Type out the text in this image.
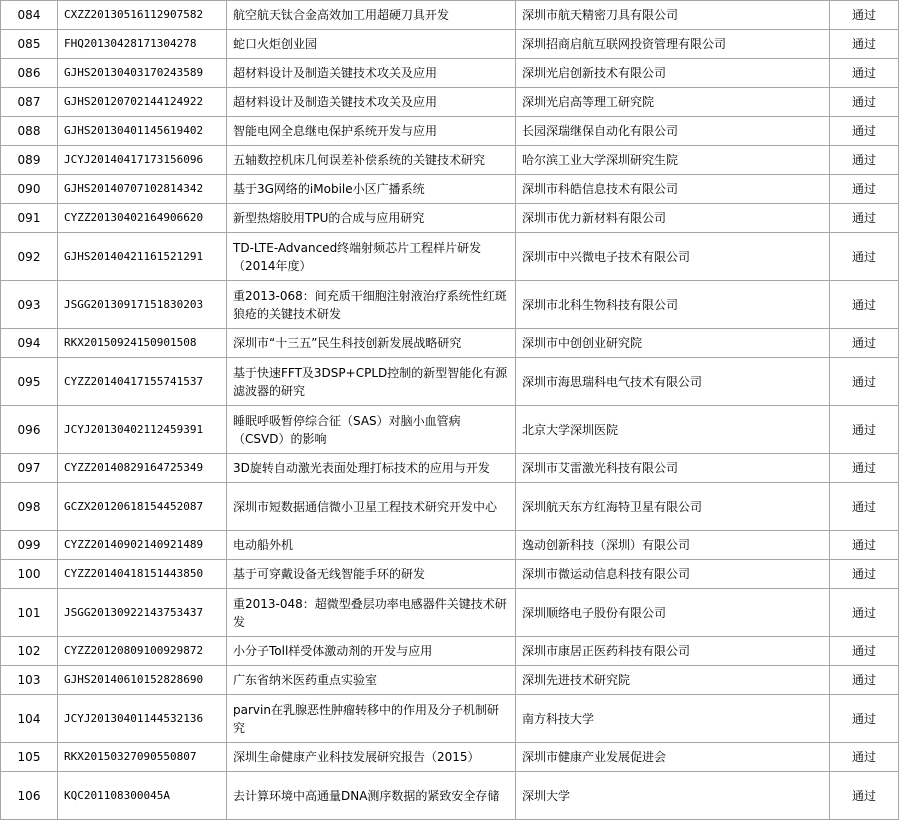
084	CXZZ20130516112907582	航空航天钛合金高效加工用超硬刀具开发	深圳市航天精密刀具有限公司	通过
085	FHQ20130428171304278	蛇口火炬创业园	深圳招商启航互联网投资管理有限公司	通过
086	GJHS20130403170243589	超材料设计及制造关键技术攻关及应用	深圳光启创新技术有限公司	通过
087	GJHS20120702144124922	超材料设计及制造关键技术攻关及应用	深圳光启高等理工研究院	通过
088	GJHS20130401145619402	智能电网全息继电保护系统开发与应用	长园深瑞继保自动化有限公司	通过
089	JCYJ20140417173156096	五轴数控机床几何误差补偿系统的关键技术研究	哈尔滨工业大学深圳研究生院	通过
090	GJHS20140707102814342	基于3G网络的iMobile小区广播系统	深圳市科皓信息技术有限公司	通过
091	CYZZ20130402164906620	新型热熔胶用TPU的合成与应用研究	深圳市优力新材料有限公司	通过
092	GJHS20140421161521291	TD-LTE-Advanced终端射频芯片工程样片研发（2014年度）	深圳市中兴微电子技术有限公司	通过
093	JSGG20130917151830203	重2013-068：间充质干细胞注射液治疗系统性红斑狼疮的关键技术研发	深圳市北科生物科技有限公司	通过
094	RKX20150924150901508	深圳市“十三五”民生科技创新发展战略研究	深圳市中创创业研究院	通过
095	CYZZ20140417155741537	基于快速FFT及3DSP+CPLD控制的新型智能化有源滤波器的研究	深圳市海思瑞科电气技术有限公司	通过
096	JCYJ20130402112459391	睡眠呼吸暂停综合征（SAS）对脑小血管病（CSVD）的影响	北京大学深圳医院	通过
097	CYZZ20140829164725349	3D旋转自动激光表面处理打标技术的应用与开发	深圳市艾雷激光科技有限公司	通过
098	GCZX20120618154452087	深圳市短数据通信微小卫星工程技术研究开发中心	深圳航天东方红海特卫星有限公司	通过
099	CYZZ20140902140921489	电动船外机	逸动创新科技（深圳）有限公司	通过
100	CYZZ20140418151443850	基于可穿戴设备无线智能手环的研发	深圳市微运动信息科技有限公司	通过
101	JSGG20130922143753437	重2013-048：超微型叠层功率电感器件关键技术研发	深圳顺络电子股份有限公司	通过
102	CYZZ20120809100929872	小分子Toll样受体激动剂的开发与应用	深圳市康居正医药科技有限公司	通过
103	GJHS20140610152828690	广东省纳米医药重点实验室	深圳先进技术研究院	通过
104	JCYJ20130401144532136	parvin在乳腺恶性肿瘤转移中的作用及分子机制研究	南方科技大学	通过
105	RKX20150327090550807	深圳生命健康产业科技发展研究报告（2015）	深圳市健康产业发展促进会	通过
106	KQC201108300045A	去计算环境中高通量DNA测序数据的紧致安全存储	深圳大学	通过
